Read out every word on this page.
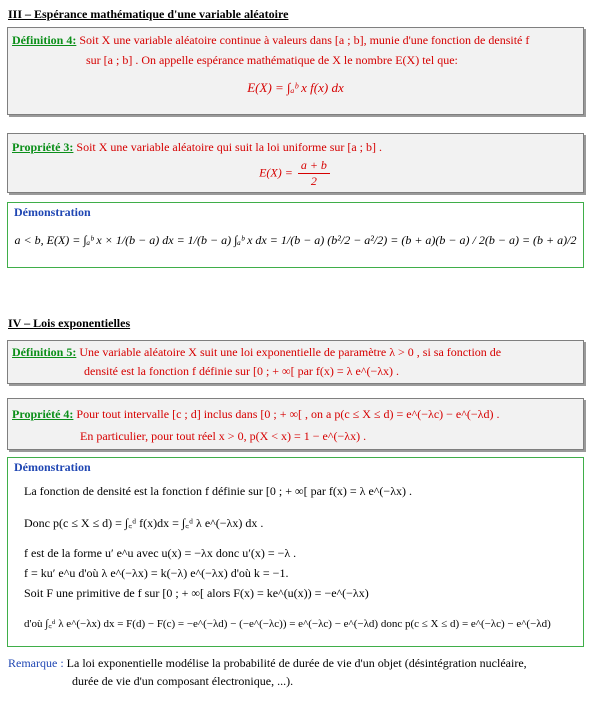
III – Espérance mathématique d'une variable aléatoire
Définition 4: Soit X une variable aléatoire continue à valeurs dans [a ; b], munie d'une fonction de densité f
sur [a ; b] . On appelle espérance mathématique de X le nombre E(X) tel que:
E(X) = ∫ₐᵇ x f(x) dx
Propriété 3: Soit X une variable aléatoire qui suit la loi uniforme sur [a ; b] .
$E(X) = \frac{a + b}{2}$
Démonstration
a < b, E(X) = ∫ₐᵇ x × 1/(b − a) dx = 1/(b − a) ∫ₐᵇ x dx = 1/(b − a) (b²/2 − a²/2) = (b + a)(b − a) / 2(b − a) = (b + a)/2
IV – Lois exponentielles
Définition 5: Une variable aléatoire X suit une loi exponentielle de paramètre λ > 0 , si sa fonction de
densité est la fonction f définie sur [0 ; + ∞[ par f(x) = λ e^(−λx) .
Propriété 4: Pour tout intervalle [c ; d] inclus dans [0 ; + ∞[ , on a p(c ≤ X ≤ d) = e^(−λc) − e^(−λd) .
En particulier, pour tout réel x > 0, p(X < x) = 1 − e^(−λx) .
Démonstration
La fonction de densité est la fonction f définie sur [0 ; + ∞[ par f(x) = λ e^(−λx) .
Donc p(c ≤ X ≤ d) = ∫꜀ᵈ f(x)dx = ∫꜀ᵈ λ e^(−λx) dx .
f est de la forme u′ e^u avec u(x) = −λx donc u′(x) = −λ .
f = ku′ e^u d'où λ e^(−λx) = k(−λ) e^(−λx) d'où k = −1.
Soit F une primitive de f sur [0 ; + ∞[ alors F(x) = ke^(u(x)) = −e^(−λx)
d'où ∫꜀ᵈ λ e^(−λx) dx = F(d) − F(c) = −e^(−λd) − (−e^(−λc)) = e^(−λc) − e^(−λd) donc p(c ≤ X ≤ d) = e^(−λc) − e^(−λd)
Remarque : La loi exponentielle modélise la probabilité de durée de vie d'un objet (désintégration nucléaire,
durée de vie d'un composant électronique, ...).
